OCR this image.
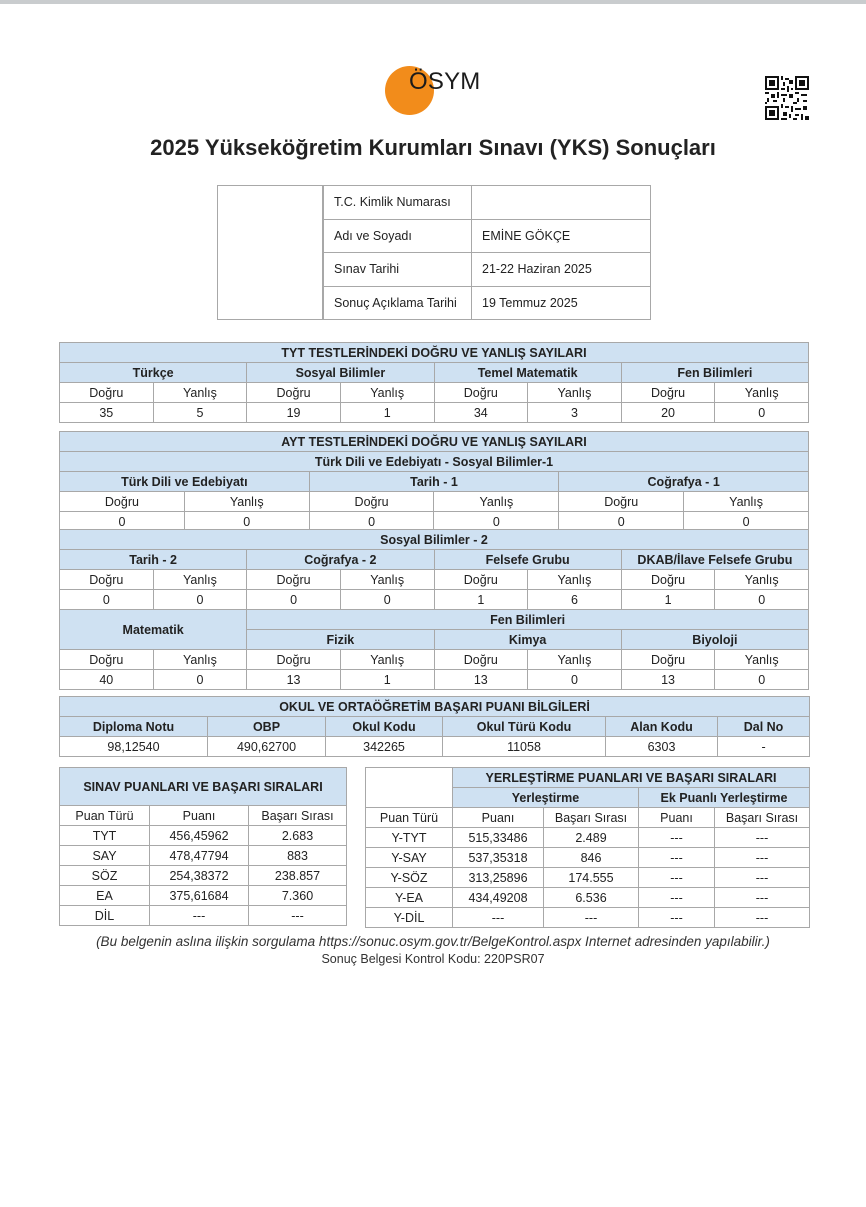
ÖSYM
2025 Yükseköğretim Kurumları Sınavı (YKS) Sonuçları
T.C. Kimlik Numarası	
Adı ve Soyadı	EMİNE GÖKÇE
Sınav Tarihi	21-22 Haziran 2025
Sonuç Açıklama Tarihi	19 Temmuz 2025
TYT TESTLERİNDEKİ DOĞRU VE YANLIŞ SAYILARI							
Türkçe		Sosyal Bilimler		Temel Matematik		Fen Bilimleri	
Doğru	Yanlış	Doğru	Yanlış	Doğru	Yanlış	Doğru	Yanlış
35	5	19	1	34	3	20	0
AYT TESTLERİNDEKİ DOĞRU VE YANLIŞ SAYILARI					
Türk Dili ve Edebiyatı - Sosyal Bilimler-1					
Türk Dili ve Edebiyatı		Tarih - 1		Coğrafya - 1	
Doğru	Yanlış	Doğru	Yanlış	Doğru	Yanlış
0	0	0	0	0	0
Sosyal Bilimler - 2							
Tarih - 2		Coğrafya - 2		Felsefe Grubu		DKAB/İlave Felsefe Grubu	
Doğru	Yanlış	Doğru	Yanlış	Doğru	Yanlış	Doğru	Yanlış
0	0	0	0	1	6	1	0
Matematik		Fen Bilimleri					
		Fizik		Kimya		Biyoloji	
Doğru	Yanlış	Doğru	Yanlış	Doğru	Yanlış	Doğru	Yanlış
40	0	13	1	13	0	13	0
OKUL VE ORTAÖĞRETİM BAŞARI PUANI BİLGİLERİ					
Diploma Notu	OBP	Okul Kodu	Okul Türü Kodu	Alan Kodu	Dal No
98,12540	490,62700	342265	11058	6303	-
SINAV PUANLARI VE BAŞARI SIRALARI		
Puan Türü	Puanı	Başarı Sırası
TYT	456,45962	2.683
SAY	478,47794	883
SÖZ	254,38372	238.857
EA	375,61684	7.360
DİL	---	---
	YERLEŞTİRME PUANLARI VE BAŞARI SIRALARI			
	Yerleştirme		Ek Puanlı Yerleştirme	
Puan Türü	Puanı	Başarı Sırası	Puanı	Başarı Sırası
Y-TYT	515,33486	2.489	---	---
Y-SAY	537,35318	846	---	---
Y-SÖZ	313,25896	174.555	---	---
Y-EA	434,49208	6.536	---	---
Y-DİL	---	---	---	---
(Bu belgenin aslına ilişkin sorgulama https://sonuc.osym.gov.tr/BelgeKontrol.aspx Internet adresinden yapılabilir.)
Sonuç Belgesi Kontrol Kodu: 220PSR07
